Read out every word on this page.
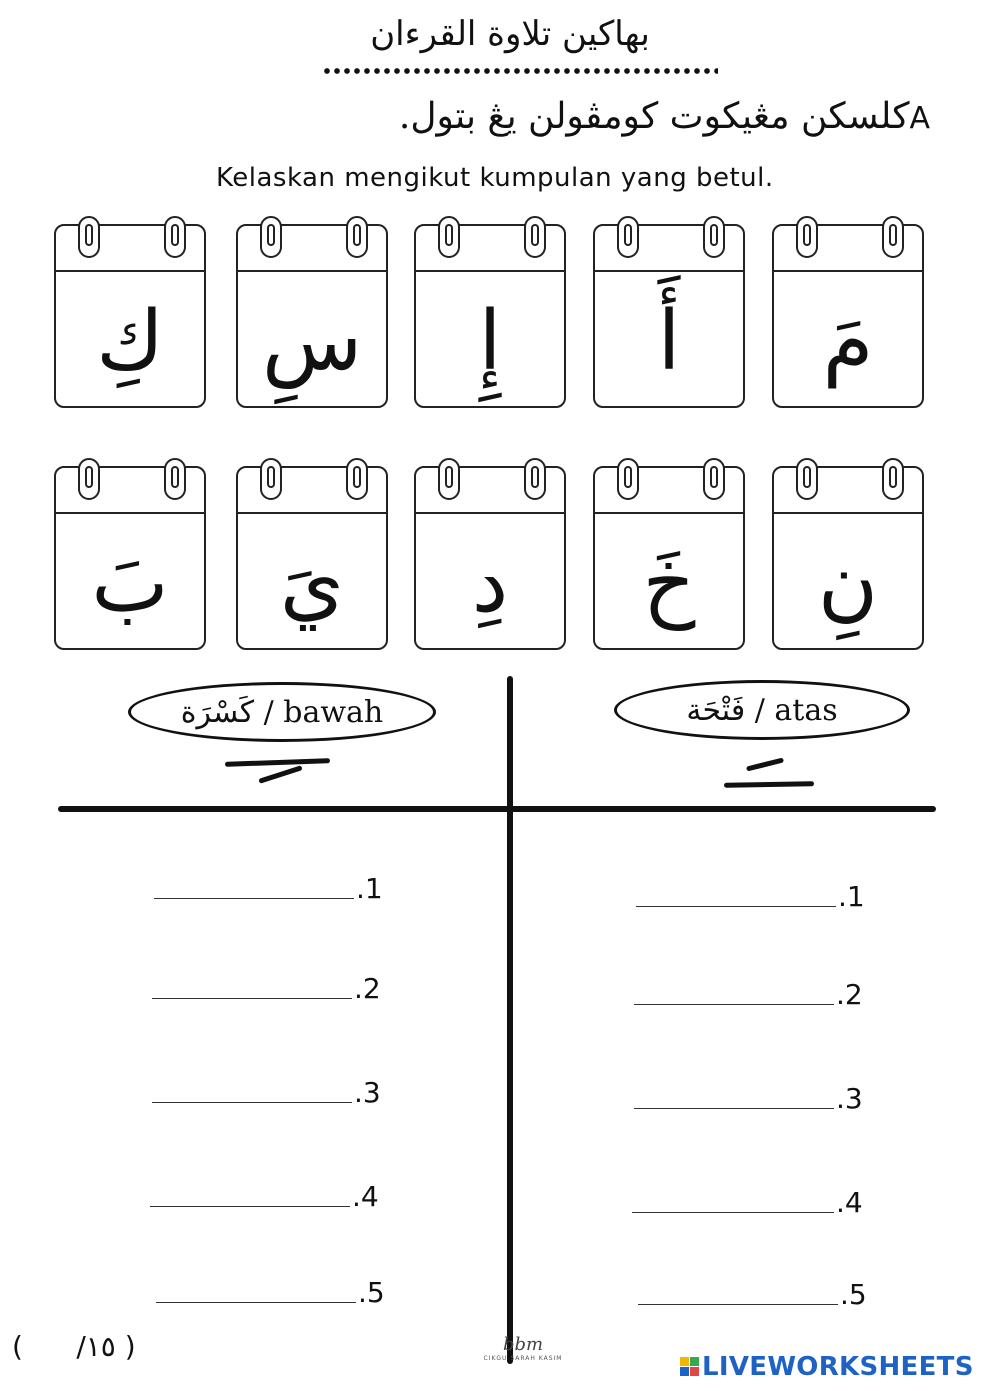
بهاكين تلاوة القرءان
كلسكن مڠيكوت كومڤولن يڠ بتول.A
Kelaskan mengikut kumpulan yang betul.
كِ	سِ	إِ	أَ	مَ
بَ	يَ	دِ	خَ	نِ
كَسْرَة
/ bawah	فَتْحَة
/ atas
.1
.2
.3
.4
.5
.1
.2
.3
.4
.5
(      /١٥ )	bbm
CIKGU SARAH KASIM	LIVEWORKSHEETS
